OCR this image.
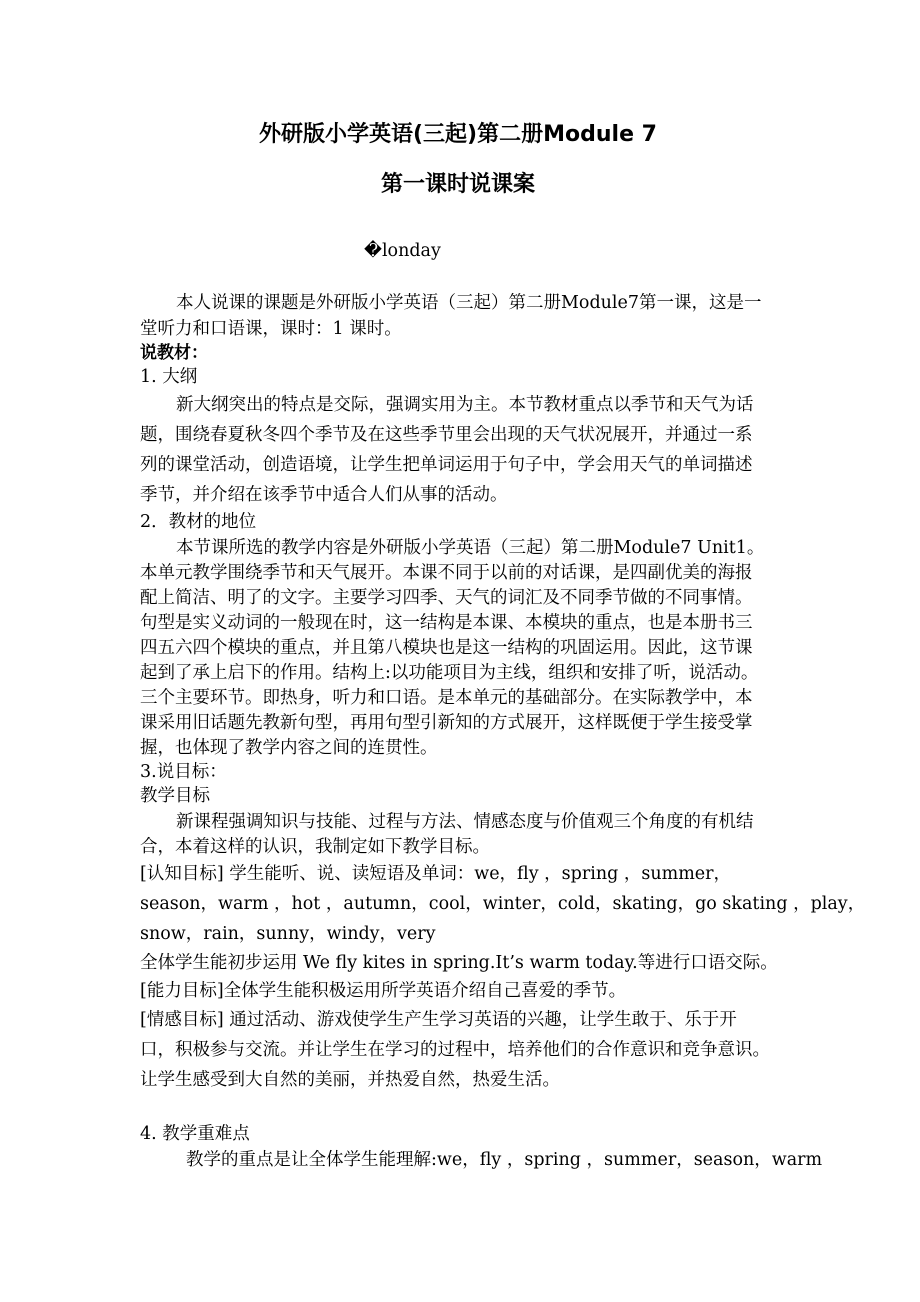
外研版小学英语(三起)第二册Module 7
第一课时说课案
�londay
本人说课的课题是外研版小学英语（三起）第二册Module7第一课，这是一
堂听力和口语课，课时：1 课时。
说教材：
1. 大纲
新大纲突出的特点是交际，强调实用为主。本节教材重点以季节和天气为话
题，围绕春夏秋冬四个季节及在这些季节里会出现的天气状况展开，并通过一系
列的课堂活动，创造语境，让学生把单词运用于句子中，学会用天气的单词描述
季节，并介绍在该季节中适合人们从事的活动。
2．教材的地位
本节课所选的教学内容是外研版小学英语（三起）第二册Module7 Unit1。
本单元教学围绕季节和天气展开。本课不同于以前的对话课，是四副优美的海报
配上简洁、明了的文字。主要学习四季、天气的词汇及不同季节做的不同事情。
句型是实义动词的一般现在时，这一结构是本课、本模块的重点，也是本册书三
四五六四个模块的重点，并且第八模块也是这一结构的巩固运用。因此，这节课
起到了承上启下的作用。结构上:以功能项目为主线，组织和安排了听，说活动。
三个主要环节。即热身，听力和口语。是本单元的基础部分。在实际教学中，本
课采用旧话题先教新句型，再用句型引新知的方式展开，这样既便于学生接受掌
握，也体现了教学内容之间的连贯性。
3.说目标：
教学目标
新课程强调知识与技能、过程与方法、情感态度与价值观三个角度的有机结
合，本着这样的认识，我制定如下教学目标。
[认知目标] 学生能听、说、读短语及单词：we，fly ，spring ，summer，
season，warm ，hot ，autumn，cool，winter，cold，skating，go skating ，play，
snow，rain，sunny，windy，very
全体学生能初步运用 We fly kites in spring.It’s warm today.等进行口语交际。
[能力目标]全体学生能积极运用所学英语介绍自己喜爱的季节。
[情感目标] 通过活动、游戏使学生产生学习英语的兴趣，让学生敢于、乐于开
口，积极参与交流。并让学生在学习的过程中，培养他们的合作意识和竞争意识。
让学生感受到大自然的美丽，并热爱自然，热爱生活。
4. 教学重难点
教学的重点是让全体学生能理解:we，fly ，spring ，summer，season，warm
